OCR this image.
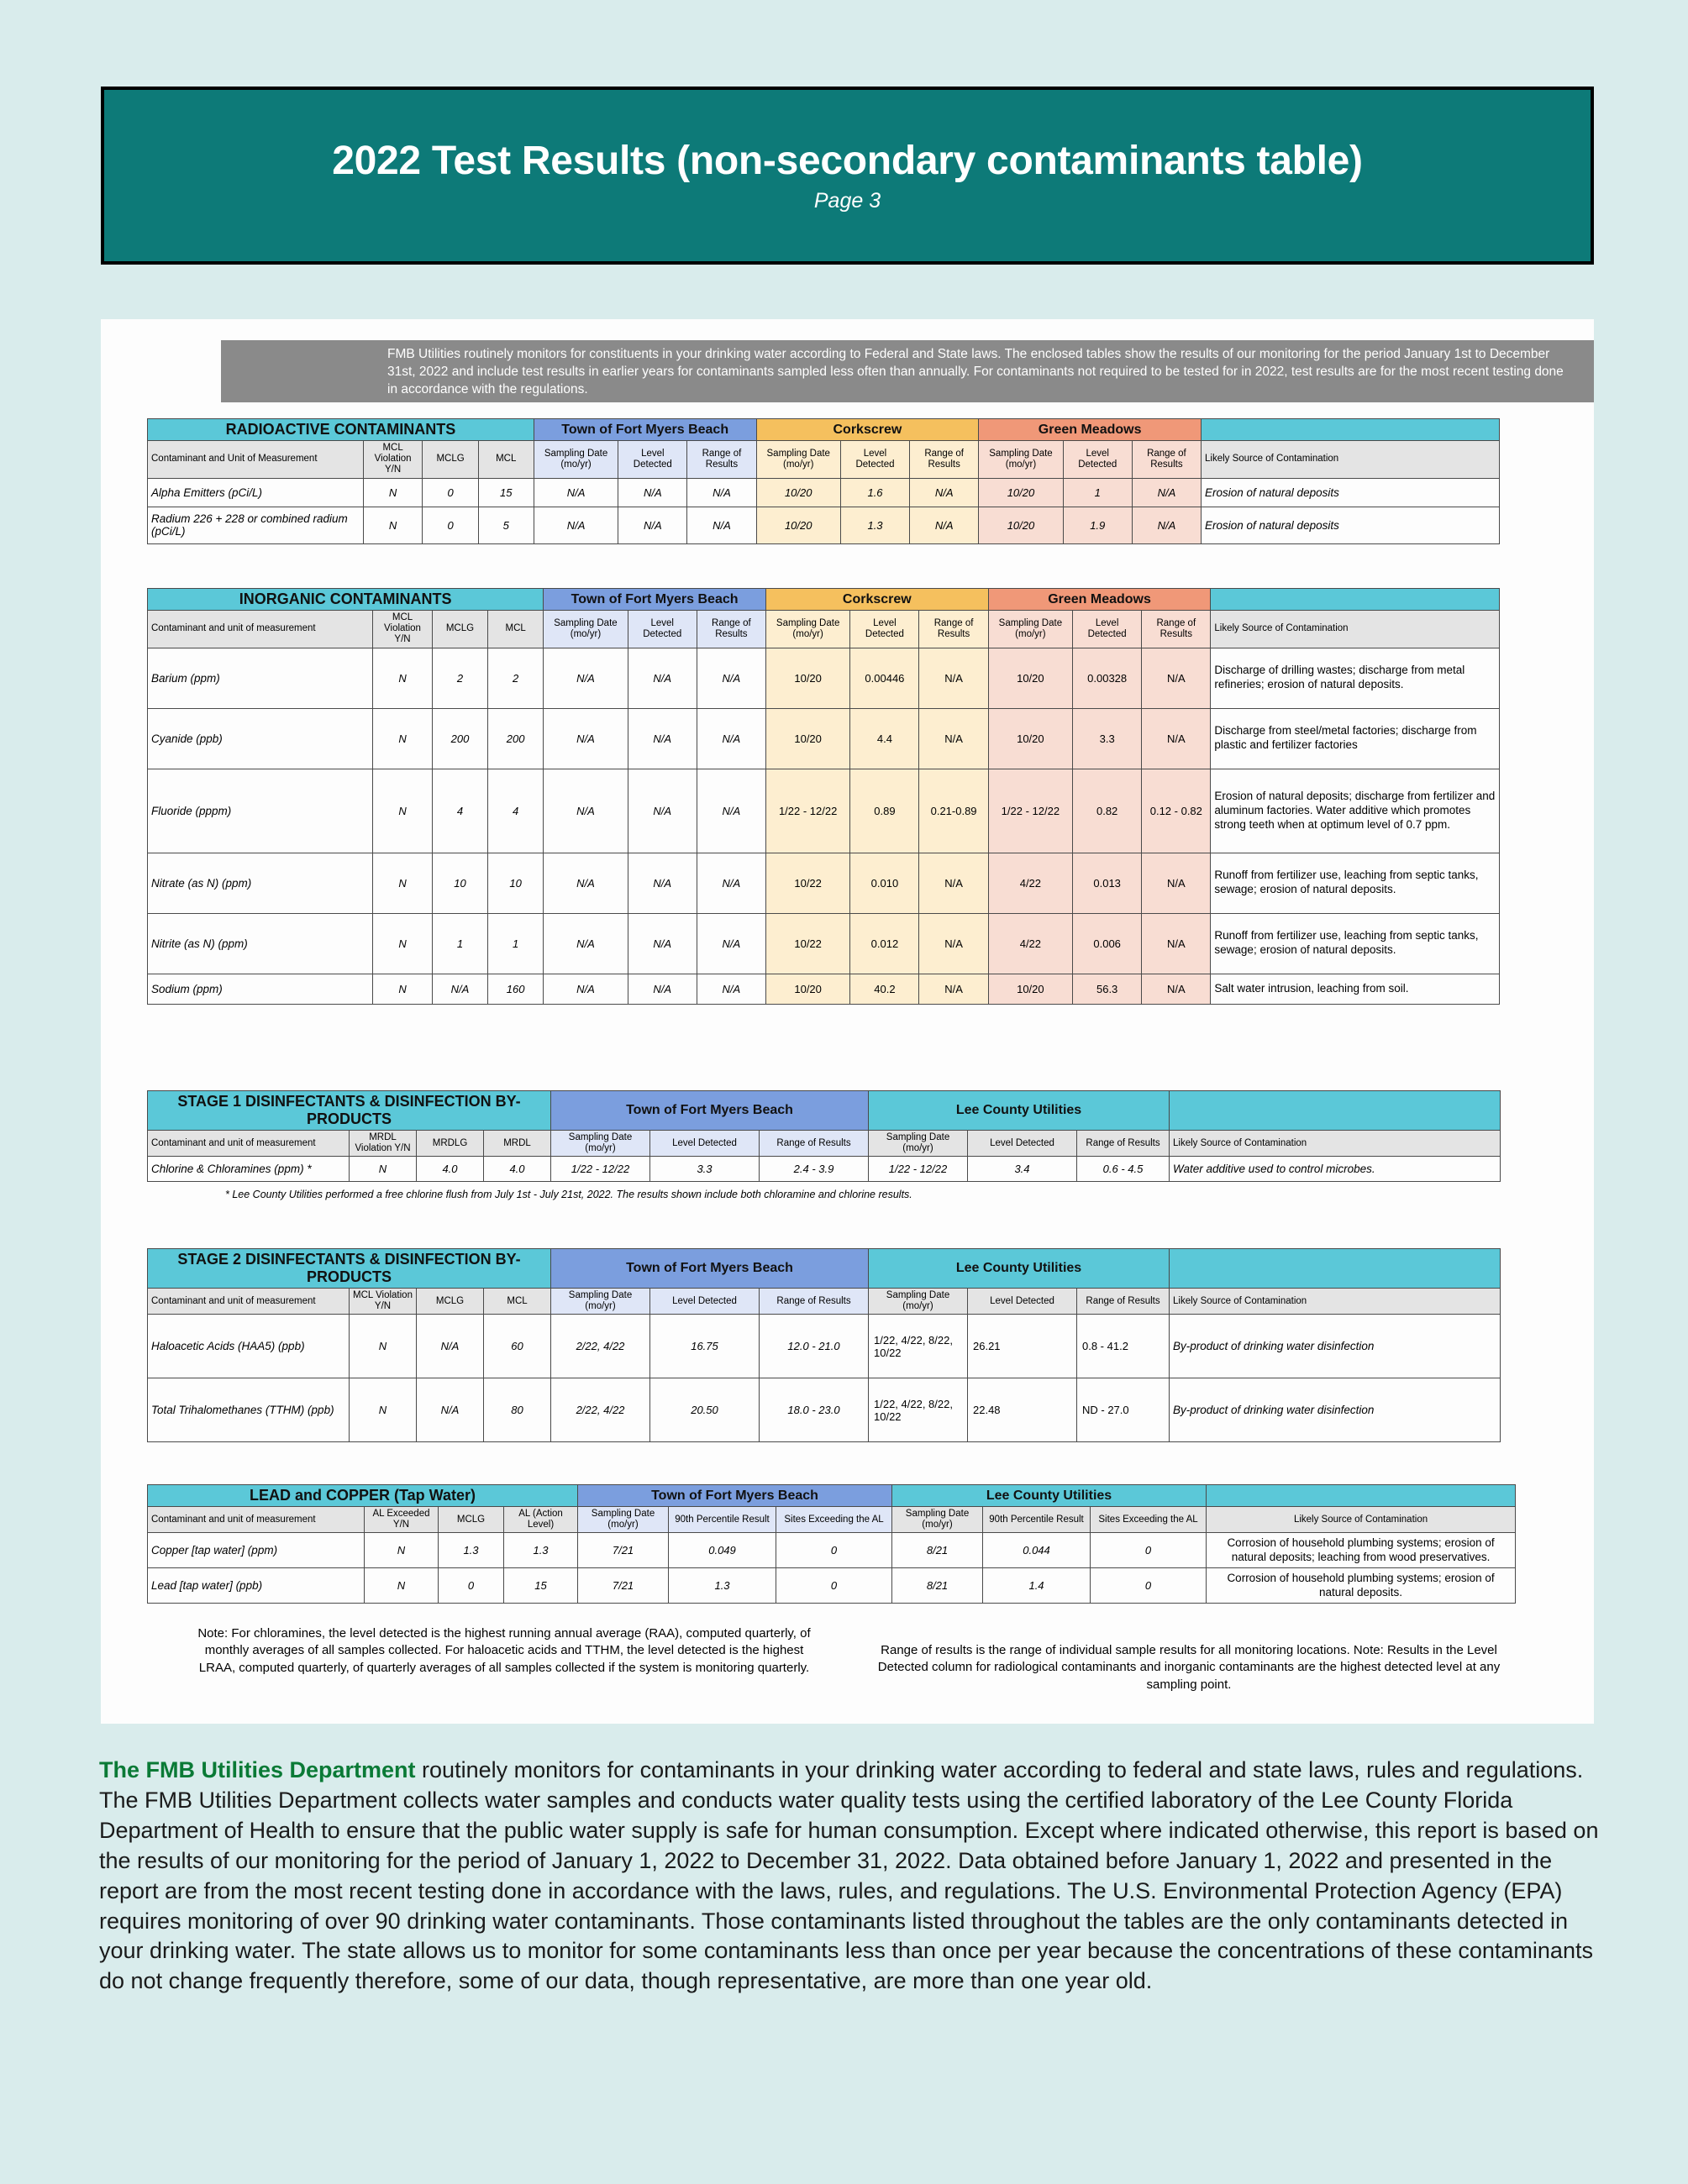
2022 Test Results (non-secondary contaminants table)
Page 3
FMB Utilities routinely monitors for constituents in your drinking water according to Federal and State laws. The enclosed tables show the results of our monitoring for the period January 1st to December 31st, 2022 and include test results in earlier years for contaminants sampled less often than annually. For contaminants not required to be tested for in 2022, test results are for the most recent testing done in accordance with the regulations.
RADIOACTIVE CONTAMINANTS				Town of Fort Myers Beach			Corkscrew			Green Meadows			
Contaminant and Unit of Measurement	MCL Violation Y/N	MCLG	MCL	Sampling Date (mo/yr)	Level Detected	Range of Results	Sampling Date (mo/yr)	Level Detected	Range of Results	Sampling Date (mo/yr)	Level Detected	Range of Results	Likely Source of Contamination
Alpha Emitters (pCi/L)	N	0	15	N/A	N/A	N/A	10/20	1.6	N/A	10/20	1	N/A	Erosion of natural deposits
Radium 226 + 228 or combined radium (pCi/L)	N	0	5	N/A	N/A	N/A	10/20	1.3	N/A	10/20	1.9	N/A	Erosion of natural deposits
INORGANIC CONTAMINANTS				Town of Fort Myers Beach			Corkscrew			Green Meadows			
Contaminant and unit of measurement	MCL Violation Y/N	MCLG	MCL	Sampling Date (mo/yr)	Level Detected	Range of Results	Sampling Date (mo/yr)	Level Detected	Range of Results	Sampling Date (mo/yr)	Level Detected	Range of Results	Likely Source of Contamination
Barium (ppm)	N	2	2	N/A	N/A	N/A	10/20	0.00446	N/A	10/20	0.00328	N/A	Discharge of drilling wastes; discharge from metal refineries; erosion of natural deposits.
Cyanide (ppb)	N	200	200	N/A	N/A	N/A	10/20	4.4	N/A	10/20	3.3	N/A	Discharge from steel/metal factories; discharge from plastic and fertilizer factories
Fluoride (pppm)	N	4	4	N/A	N/A	N/A	1/22 - 12/22	0.89	0.21-0.89	1/22 - 12/22	0.82	0.12 - 0.82	Erosion of natural deposits; discharge from fertilizer and aluminum factories. Water additive which promotes strong teeth when at optimum level of 0.7 ppm.
Nitrate (as N) (ppm)	N	10	10	N/A	N/A	N/A	10/22	0.010	N/A	4/22	0.013	N/A	Runoff from fertilizer use, leaching from septic tanks, sewage; erosion of natural deposits.
Nitrite (as N) (ppm)	N	1	1	N/A	N/A	N/A	10/22	0.012	N/A	4/22	0.006	N/A	Runoff from fertilizer use, leaching from septic tanks, sewage; erosion of natural deposits.
Sodium (ppm)	N	N/A	160	N/A	N/A	N/A	10/20	40.2	N/A	10/20	56.3	N/A	Salt water intrusion, leaching from soil.
STAGE 1 DISINFECTANTS & DISINFECTION BY-PRODUCTS				Town of Fort Myers Beach			Lee County Utilities			
Contaminant and unit of measurement	MRDL Violation Y/N	MRDLG	MRDL	Sampling Date (mo/yr)	Level Detected	Range of Results	Sampling Date (mo/yr)	Level Detected	Range of Results	Likely Source of Contamination
Chlorine & Chloramines (ppm) *	N	4.0	4.0	1/22 - 12/22	3.3	2.4 - 3.9	1/22 - 12/22	3.4	0.6 - 4.5	Water additive used to control microbes.
* Lee County Utilities performed a free chlorine flush from July 1st - July 21st, 2022. The results shown include both chloramine and chlorine results.
STAGE 2 DISINFECTANTS & DISINFECTION BY-PRODUCTS				Town of Fort Myers Beach			Lee County Utilities			
Contaminant and unit of measurement	MCL Violation Y/N	MCLG	MCL	Sampling Date (mo/yr)	Level Detected	Range of Results	Sampling Date (mo/yr)	Level Detected	Range of Results	Likely Source of Contamination
Haloacetic Acids (HAA5) (ppb)	N	N/A	60	2/22, 4/22	16.75	12.0 - 21.0	1/22, 4/22, 8/22, 10/22	26.21	0.8 - 41.2	By-product of drinking water disinfection
Total Trihalomethanes (TTHM) (ppb)	N	N/A	80	2/22, 4/22	20.50	18.0 - 23.0	1/22, 4/22, 8/22, 10/22	22.48	ND - 27.0	By-product of drinking water disinfection
LEAD and COPPER (Tap Water)				Town of Fort Myers Beach			Lee County Utilities			
Contaminant and unit of measurement	AL Exceeded Y/N	MCLG	AL (Action Level)	Sampling Date (mo/yr)	90th Percentile Result	Sites Exceeding the AL	Sampling Date (mo/yr)	90th Percentile Result	Sites Exceeding the AL	Likely Source of Contamination
Copper [tap water] (ppm)	N	1.3	1.3	7/21	0.049	0	8/21	0.044	0	Corrosion of household plumbing systems; erosion of natural deposits; leaching from wood preservatives.
Lead [tap water] (ppb)	N	0	15	7/21	1.3	0	8/21	1.4	0	Corrosion of household plumbing systems; erosion of natural deposits.
Note: For chloramines, the level detected is the highest running annual average (RAA), computed quarterly, of monthly averages of all samples collected. For haloacetic acids and TTHM, the level detected is the highest LRAA, computed quarterly, of quarterly averages of all samples collected if the system is monitoring quarterly.
Range of results is the range of individual sample results for all monitoring locations. Note: Results in the Level Detected column for radiological contaminants and inorganic contaminants are the highest detected level at any sampling point.
The FMB Utilities Department routinely monitors for contaminants in your drinking water according to federal and state laws, rules and regulations. The FMB Utilities Department collects water samples and conducts water quality tests using the certified laboratory of the Lee County Florida Department of Health to ensure that the public water supply is safe for human consumption. Except where indicated otherwise, this report is based on the results of our monitoring for the period of January 1, 2022 to December 31, 2022. Data obtained before January 1, 2022 and presented in the report are from the most recent testing done in accordance with the laws, rules, and regulations. The U.S. Environmental Protection Agency (EPA) requires monitoring of over 90 drinking water contaminants. Those contaminants listed throughout the tables are the only contaminants detected in your drinking water. The state allows us to monitor for some contaminants less than once per year because the concentrations of these contaminants do not change frequently therefore, some of our data, though representative, are more than one year old.
